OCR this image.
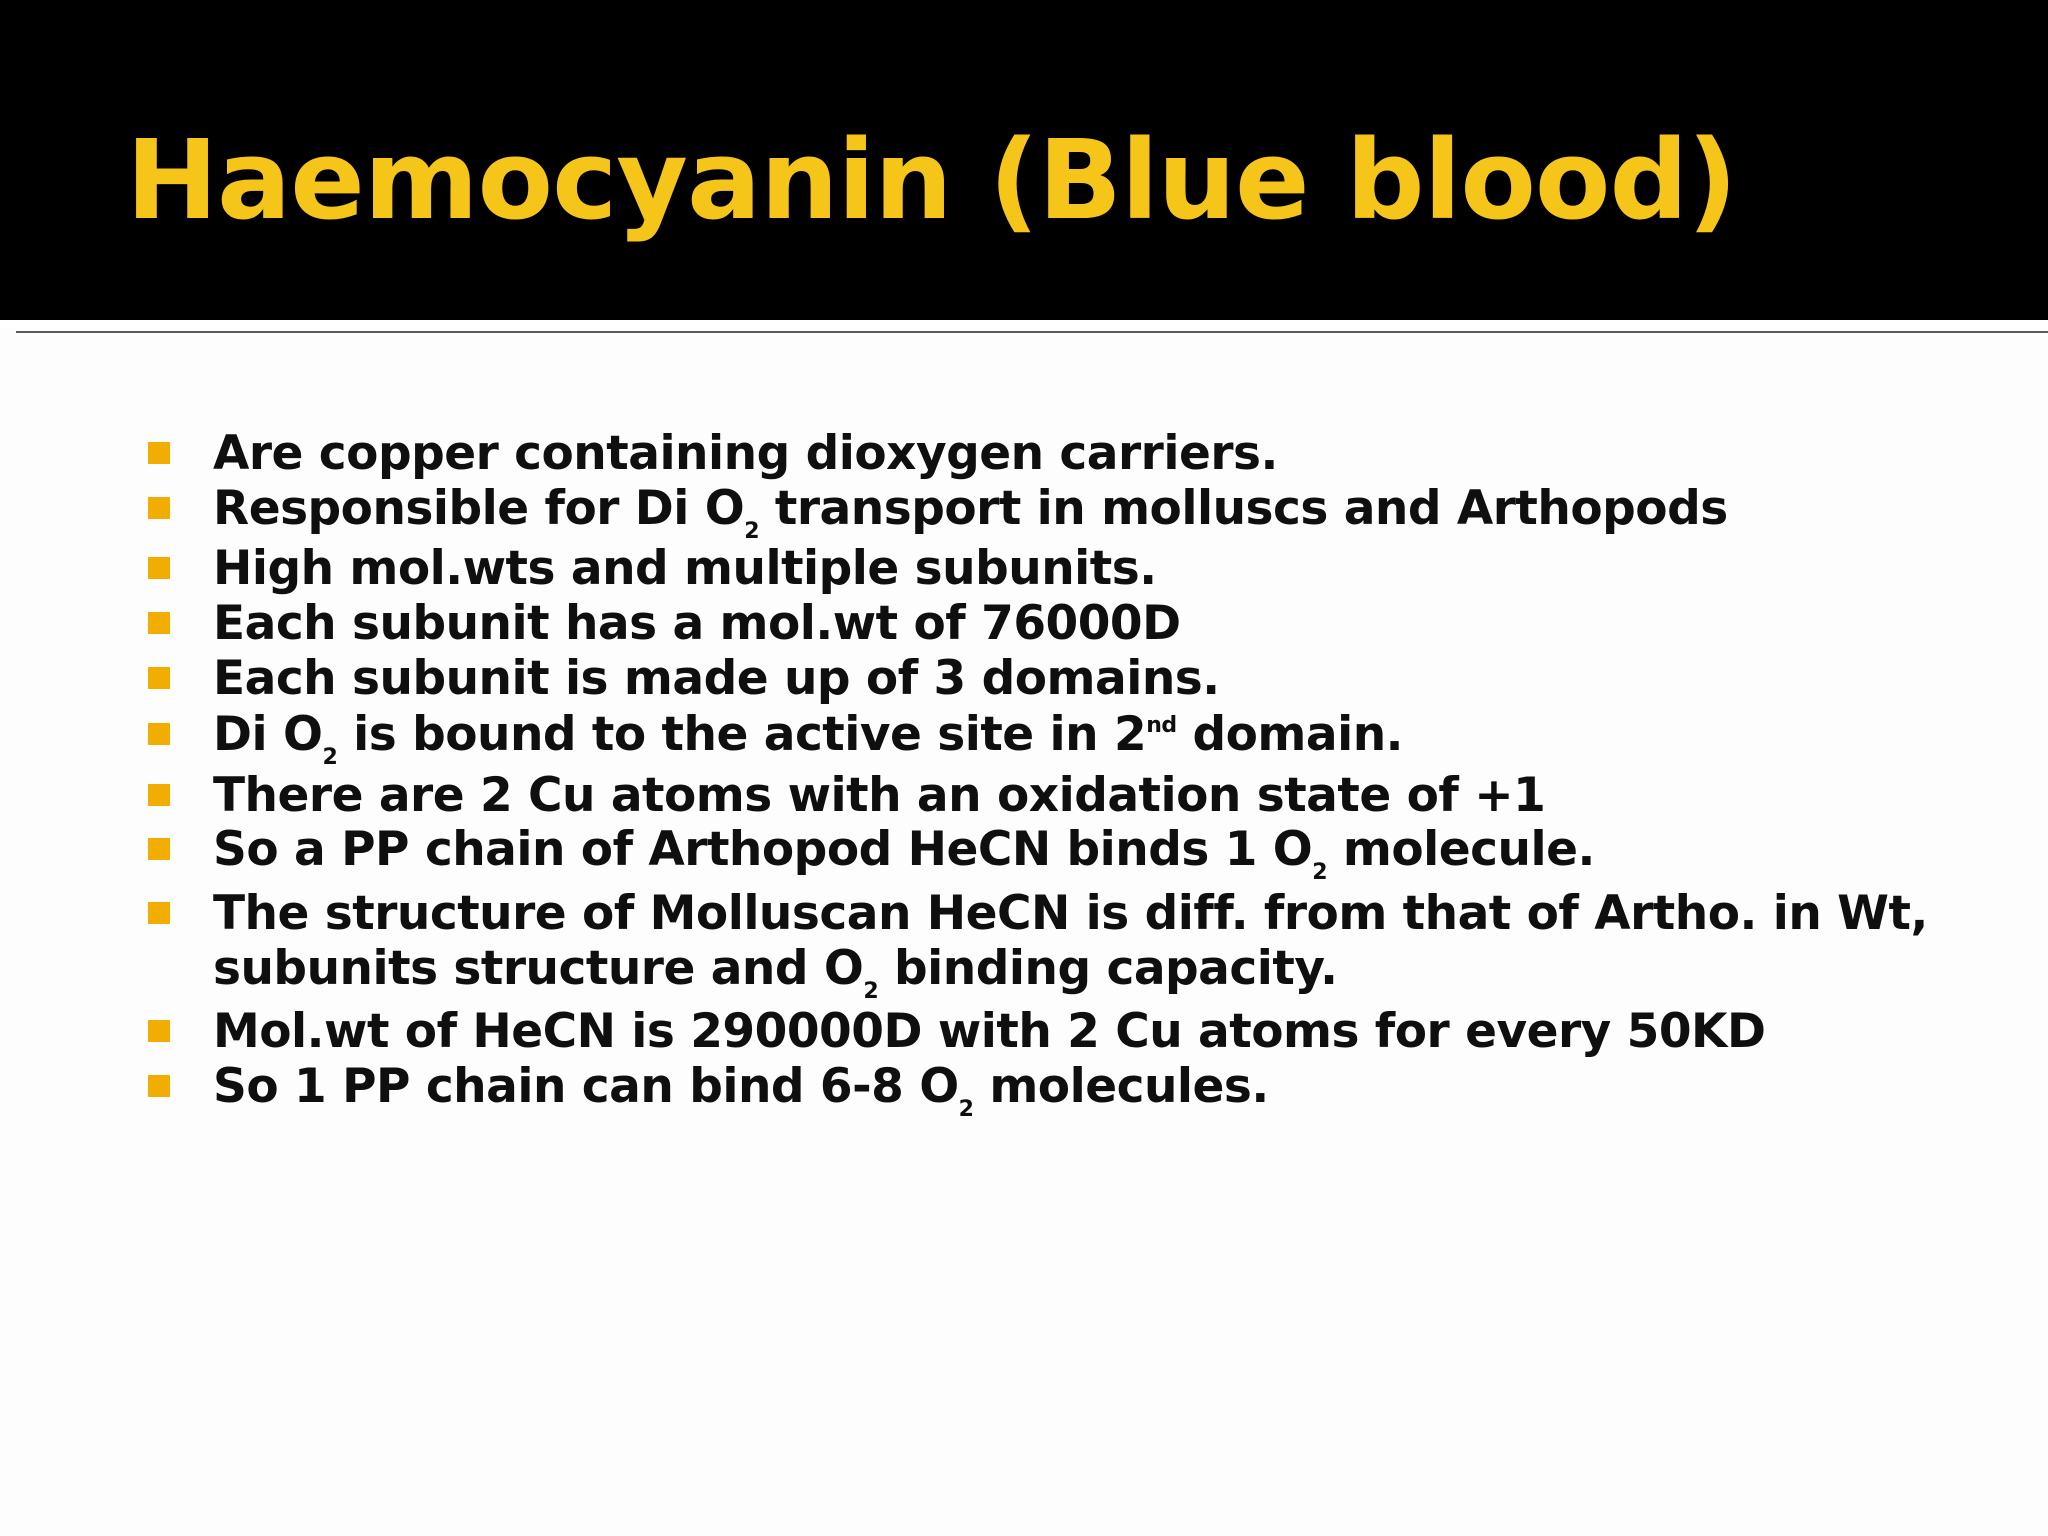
Haemocyanin (Blue blood)
Are copper containing dioxygen carriers.
Responsible for Di $O_2$ transport in molluscs and Arthopods
High mol.wts and multiple subunits.
Each subunit has a mol.wt of 76000D
Each subunit is made up of 3 domains.
Di $O_2$ is bound to the active site in 2nd domain.
There are 2 Cu atoms with an oxidation state of +1
So a PP chain of Arthopod HeCN binds 1 $O_2$ molecule.
The structure of Molluscan HeCN is diff. from that of Artho. in Wt,
subunits structure and $O_2$ binding capacity.
Mol.wt of HeCN is 290000D with 2 Cu atoms for every 50KD
So 1 PP chain can bind 6-8 $O_2$ molecules.
